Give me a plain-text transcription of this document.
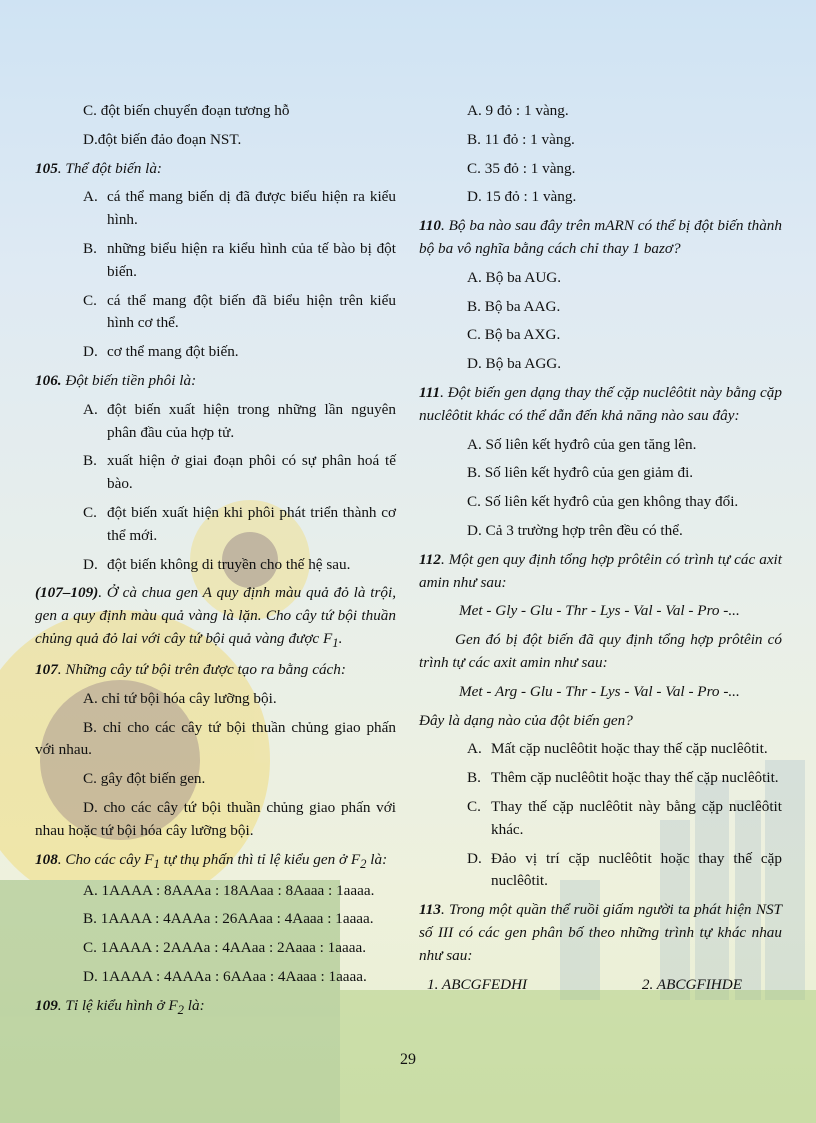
C. đột biến chuyển đoạn tương hỗ

D.đột biến đảo đoạn NST.

105. Thể đột biến là:

A. cá thể mang biến dị đã được biểu hiện ra kiểu hình.
B. những biểu hiện ra kiểu hình của tế bào bị đột biến.
C. cá thể mang đột biến đã biểu hiện trên kiểu hình cơ thể.
D. cơ thể mang đột biến.

106. Đột biến tiền phôi là:

A. đột biến xuất hiện trong những lần nguyên phân đầu của hợp tử.
B. xuất hiện ở giai đoạn phôi có sự phân hoá tế bào.
C. đột biến xuất hiện khi phôi phát triển thành cơ thể mới.
D. đột biến không di truyền cho thế hệ sau.

(107–109). Ở cà chua gen A quy định màu quả đỏ là trội, gen a quy định màu quả vàng là lặn. Cho cây tứ bội thuần chủng quả đỏ lai với cây tứ bội quả vàng được $F_1$.

107. Những cây tứ bội trên được tạo ra bằng cách:

A. chỉ tứ bội hóa cây lưỡng bội.

B. chỉ cho các cây tứ bội thuần chủng giao phấn với nhau.

C. gây đột biến gen.

D. cho các cây tứ bội thuần chủng giao phấn với nhau hoặc tứ bội hóa cây lưỡng bội.

108. Cho các cây $F_1$ tự thụ phấn thì tỉ lệ kiểu gen ở $F_2$ là:

A. 1AAAA : 8AAAa : 18AAaa : 8Aaaa : 1aaaa.

B. 1AAAA : 4AAAa : 26AAaa : 4Aaaa : 1aaaa.

C. 1AAAA : 2AAAa : 4AAaa : 2Aaaa : 1aaaa.

D. 1AAAA : 4AAAa : 6AAaa : 4Aaaa : 1aaaa.

109. Tỉ lệ kiểu hình ở $F_2$ là:

A. 9 đỏ : 1 vàng.

B. 11 đỏ : 1 vàng.

C. 35 đỏ : 1 vàng.

D. 15 đỏ : 1 vàng.

110. Bộ ba nào sau đây trên mARN có thể bị đột biến thành bộ ba vô nghĩa bằng cách chỉ thay 1 bazơ?

A. Bộ ba AUG.

B. Bộ ba AAG.

C. Bộ ba AXG.

D. Bộ ba AGG.

111. Đột biến gen dạng thay thế cặp nuclêôtit này bằng cặp nuclêôtit khác có thể dẫn đến khả năng nào sau đây:

A. Số liên kết hyđrô của gen tăng lên.

B. Số liên kết hyđrô của gen giảm đi.

C. Số liên kết hyđrô của gen không thay đổi.

D. Cả 3 trường hợp trên đều có thể.

112. Một gen quy định tổng hợp prôtêin có trình tự các axit amin như sau:

Met - Gly - Glu - Thr - Lys - Val - Val - Pro -...

Gen đó bị đột biến đã quy định tổng hợp prôtêin có trình tự các axit amin như sau:

Met - Arg - Glu - Thr - Lys - Val - Val - Pro -...

Đây là dạng nào của đột biến gen?

A. Mất cặp nuclêôtit hoặc thay thế cặp nuclêôtit.
B. Thêm cặp nuclêôtit hoặc thay thế cặp nuclêôtit.
C. Thay thế cặp nuclêôtit này bằng cặp nuclêôtit khác.
D. Đảo vị trí cặp nuclêôtit hoặc thay thế cặp nuclêôtit.

113. Trong một quần thể ruồi giấm người ta phát hiện NST số III có các gen phân bố theo những trình tự khác nhau như sau:

1. ABCGFEDHI	2. ABCGFIHDE
29
